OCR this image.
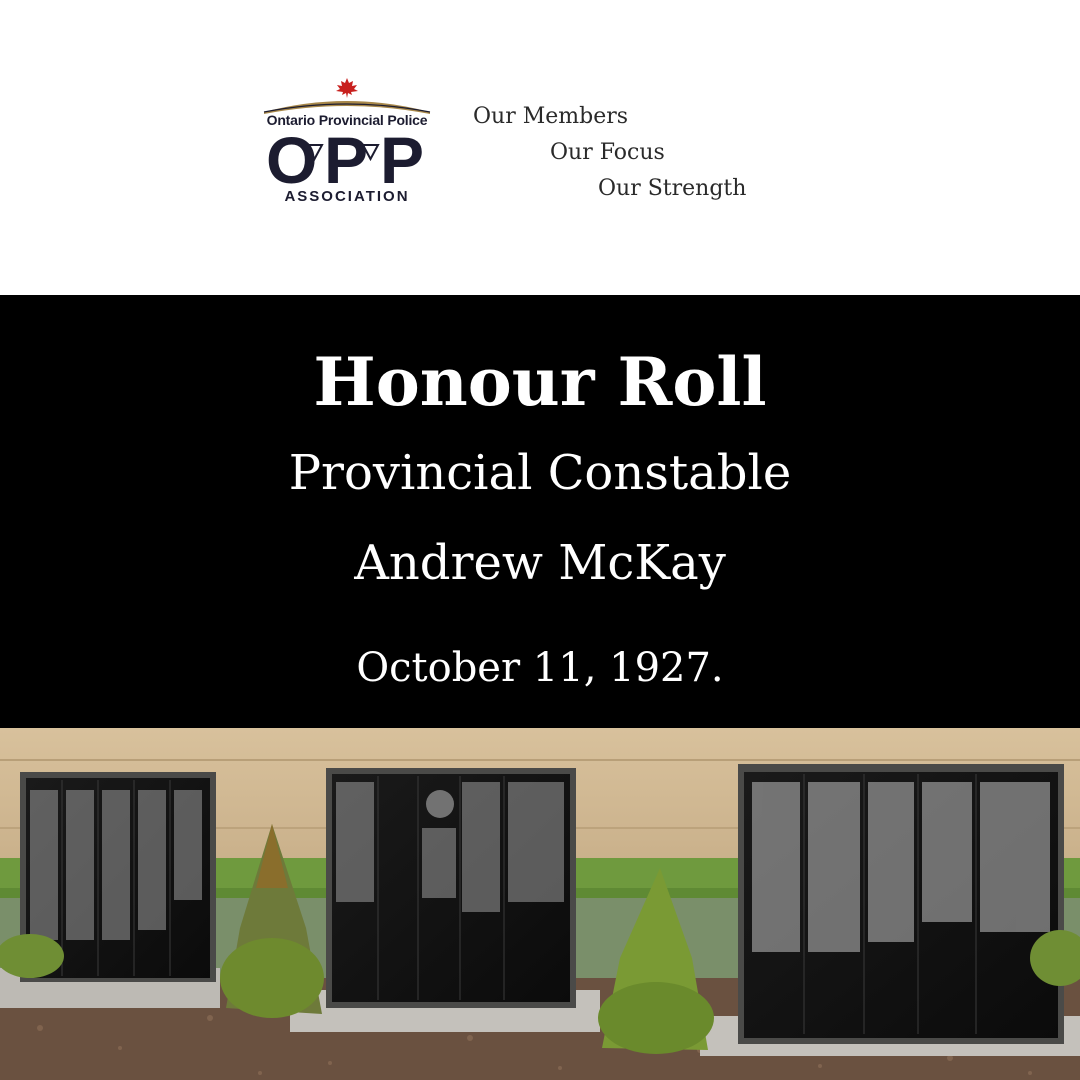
Ontario Provincial Police
O P P
ASSOCIATION
Our Members
Our Focus
Our Strength
Honour Roll
Provincial Constable
Andrew McKay
October 11, 1927.
